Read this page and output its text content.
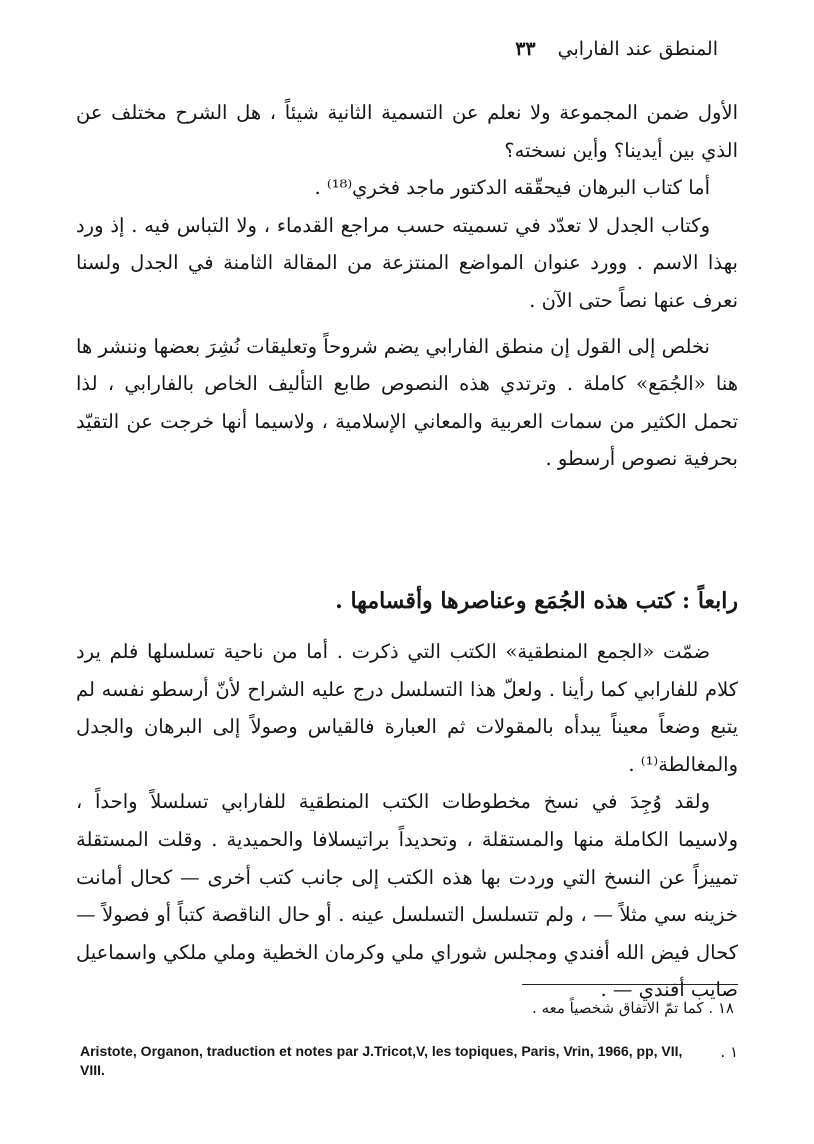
المنطق عند الفارابي
٣٣

الأول ضمن المجموعة ولا نعلم عن التسمية الثانية شيئاً ، هل الشرح مختلف عن الذي بين أيدينا؟ وأين نسخته؟

أما كتاب البرهان فيحقّقه الدكتور ماجد فخري⁽¹⁸⁾ .

وكتاب الجدل لا تعدّد في تسميته حسب مراجع القدماء ، ولا التباس فيه . إذ ورد بهذا الاسم . وورد عنوان المواضع المنتزعة من المقالة الثامنة في الجدل ولسنا نعرف عنها نصاً حتى الآن .

نخلص إلى القول إن منطق الفارابي يضم شروحاً وتعليقات نُشِرَ بعضها وننشر ها هنا «الجُمَع» كاملة . وترتدي هذه النصوص طابع التأليف الخاص بالفارابي ، لذا تحمل الكثير من سمات العربية والمعاني الإسلامية ، ولاسيما أنها خرجت عن التقيّد بحرفية نصوص أرسطو .

رابعاً : كتب هذه الجُمَع وعناصرها وأقسامها .

ضمّت «الجمع المنطقية» الكتب التي ذكرت . أما من ناحية تسلسلها فلم يرد كلام للفارابي كما رأينا . ولعلّ هذا التسلسل درج عليه الشراح لأنّ أرسطو نفسه لم يتبع وضعاً معيناً يبدأه بالمقولات ثم العبارة فالقياس وصولاً إلى البرهان والجدل والمغالطة⁽¹⁾ .

ولقد وُجِدَ في نسخ مخطوطات الكتب المنطقية للفارابي تسلسلاً واحداً ، ولاسيما الكاملة منها والمستقلة ، وتحديداً براتيسلافا والحميدية . وقلت المستقلة تمييزاً عن النسخ التي وردت بها هذه الكتب إلى جانب كتب أخرى — كحال أمانت خزينه سي مثلاً — ، ولم تتسلسل التسلسل عينه . أو حال الناقصة كتباً أو فصولاً — كحال فيض الله أفندي ومجلس شوراي ملي وكرمان الخطية وملي ملكي واسماعيل صايب أفندي — .

١٨ . كما تمّ الاتفاق شخصياً معه .
١ .
Aristote, Organon, traduction et notes par J.Tricot,V, les topiques, Paris, Vrin, 1966, pp, VII, VIII.
